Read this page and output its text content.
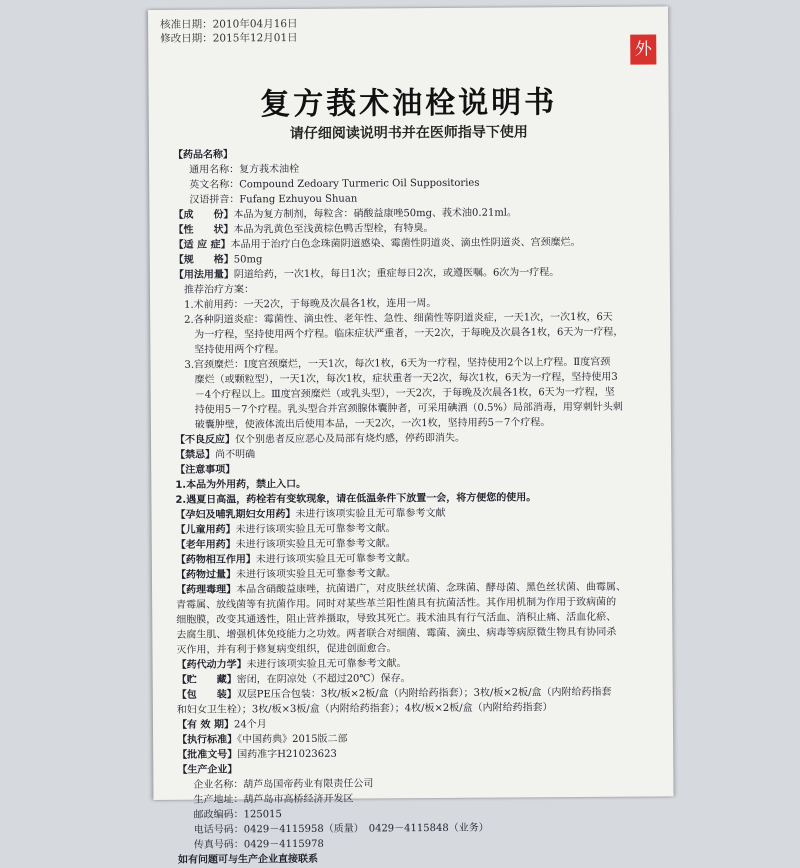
核准日期：2010年04月16日
修改日期：2015年12月01日
外
复方莪术油栓说明书
请仔细阅读说明书并在医师指导下使用
【药品名称】
通用名称：复方莪术油栓
英文名称：Compound Zedoary Turmeric Oil Suppositories
汉语拼音：Fufang Ezhuyou Shuan
【成　　份】本品为复方制剂，每粒含：硝酸益康唑50mg、莪术油0.21ml。
【性　　状】本品为乳黄色至浅黄棕色鸭舌型栓，有特臭。
【适 应 症】本品用于治疗白色念珠菌阴道感染、霉菌性阴道炎、滴虫性阴道炎、宫颈糜烂。
【规　　格】50mg
【用法用量】阴道给药，一次1枚，每日1次；重症每日2次，或遵医嘱。6次为一疗程。
推荐治疗方案：
1.术前用药：一天2次，于每晚及次晨各1枚，连用一周。
2.各种阴道炎症：霉菌性、滴虫性、老年性、急性、细菌性等阴道炎症，一天1次，一次1枚，6天
　为一疗程，坚持使用两个疗程。临床症状严重者，一天2次，于每晚及次晨各1枚，6天为一疗程，
　坚持使用两个疗程。
3.宫颈糜烂：Ⅰ度宫颈糜烂，一天1次，每次1枚，6天为一疗程，坚持使用2个以上疗程。Ⅱ度宫颈
　糜烂（或颗粒型），一天1次，每次1枚，症状重者一天2次，每次1枚，6天为一疗程，坚持使用3
　－4个疗程以上。Ⅲ度宫颈糜烂（或乳头型），一天2次，于每晚及次晨各1枚，6天为一疗程，坚
　持使用5－7个疗程。乳头型合并宫颈腺体囊肿者，可采用碘酒（0.5%）局部消毒，用穿刺针头刺
　破囊肿壁，使液体流出后使用本品，一天2次，一次1枚，坚持用药5－7个疗程。
【不良反应】仅个别患者反应恶心及局部有烧灼感，停药即消失。
【禁忌】尚不明确
【注意事项】
1.本品为外用药，禁止入口。
2.遇夏日高温，药栓若有变软现象，请在低温条件下放置一会，将方便您的使用。
【孕妇及哺乳期妇女用药】未进行该项实验且无可靠参考文献
【儿童用药】未进行该项实验且无可靠参考文献。
【老年用药】未进行该项实验且无可靠参考文献。
【药物相互作用】未进行该项实验且无可靠参考文献。
【药物过量】未进行该项实验且无可靠参考文献。
【药理毒理】本品含硝酸益康唑，抗菌谱广，对皮肤丝状菌、念珠菌、酵母菌、黑色丝状菌、曲霉属、
青霉属、放线菌等有抗菌作用。同时对某些革兰阳性菌具有抗菌活性。其作用机制为作用于致病菌的
细胞膜，改变其通透性，阻止营养摄取，导致其死亡。莪术油具有行气活血、消积止痛、活血化瘀、
去腐生肌、增强机体免疫能力之功效。两者联合对细菌、霉菌、滴虫、病毒等病原微生物具有协同杀
灭作用，并有利于修复病变组织，促进创面愈合。
【药代动力学】未进行该项实验且无可靠参考文献。
【贮　　藏】密闭，在阴凉处（不超过20℃）保存。
【包　　装】双层PE压合包装：3枚/板×2板/盒（内附给药指套）；3枚/板×2板/盒（内附给药指套
和妇女卫生栓）；3枚/板×3板/盒（内附给药指套）；4枚/板×2板/盒（内附给药指套）
【有 效 期】24个月
【执行标准】《中国药典》2015版二部
【批准文号】国药准字H21023623
【生产企业】
企业名称：葫芦岛国帝药业有限责任公司
生产地址：葫芦岛市高桥经济开发区
邮政编码：125015
电话号码：0429－4115958（质量）　0429－4115848（业务）
传真号码：0429－4115978
如有问题可与生产企业直接联系
